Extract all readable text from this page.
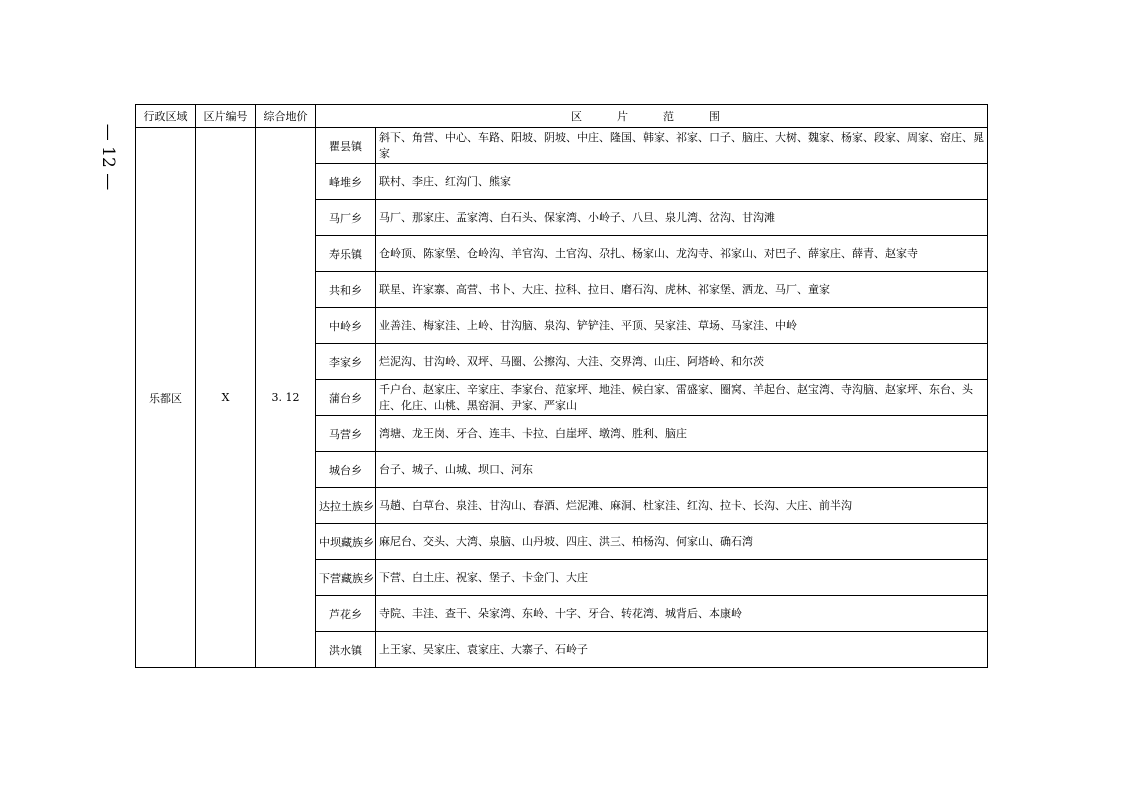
— 12 —
行政区域	区片编号	综合地价	区　片　范　围	
乐都区	X	3. 12	瞿昙镇	斜下、角营、中心、车路、阳坡、阴坡、中庄、隆国、韩家、祁家、口子、脑庄、大树、魏家、杨家、段家、周家、窑庄、晁家
			峰堆乡	联村、李庄、红沟门、熊家
			马厂乡	马厂、那家庄、孟家湾、白石头、保家湾、小岭子、八旦、泉儿湾、岔沟、甘沟滩
			寿乐镇	仓岭顶、陈家堡、仓岭沟、羊官沟、土官沟、尕扎、杨家山、龙沟寺、祁家山、对巴子、薛家庄、薛青、赵家寺
			共和乡	联星、许家寨、高营、书卜、大庄、拉科、拉日、磨石沟、虎林、祁家堡、洒龙、马厂、童家
			中岭乡	业善洼、梅家洼、上岭、甘沟脑、泉沟、铲铲洼、平顶、吴家洼、草场、马家洼、中岭
			李家乡	烂泥沟、甘沟岭、双坪、马圈、公擦沟、大洼、交界湾、山庄、阿塔岭、和尔茨
			蒲台乡	千户台、赵家庄、辛家庄、李家台、范家坪、地洼、候白家、雷盛家、圈窝、羊起台、赵宝湾、寺沟脑、赵家坪、东台、头庄、化庄、山桃、黑窑洞、尹家、严家山
			马营乡	湾塘、龙王岗、牙合、连丰、卡拉、白崖坪、墩湾、胜利、脑庄
			城台乡	台子、城子、山城、坝口、河东
			达拉土族乡	马趟、白草台、泉洼、甘沟山、春酒、烂泥滩、麻洞、杜家洼、红沟、拉卡、长沟、大庄、前半沟
			中坝藏族乡	麻尼台、交头、大湾、泉脑、山丹坡、四庄、洪三、柏杨沟、何家山、确石湾
			下营藏族乡	下营、白土庄、祝家、堡子、卡金门、大庄
			芦花乡	寺院、丰洼、查干、朵家湾、东岭、十字、牙合、转花湾、城背后、本康岭
			洪水镇	上王家、吴家庄、袁家庄、大寨子、石岭子
